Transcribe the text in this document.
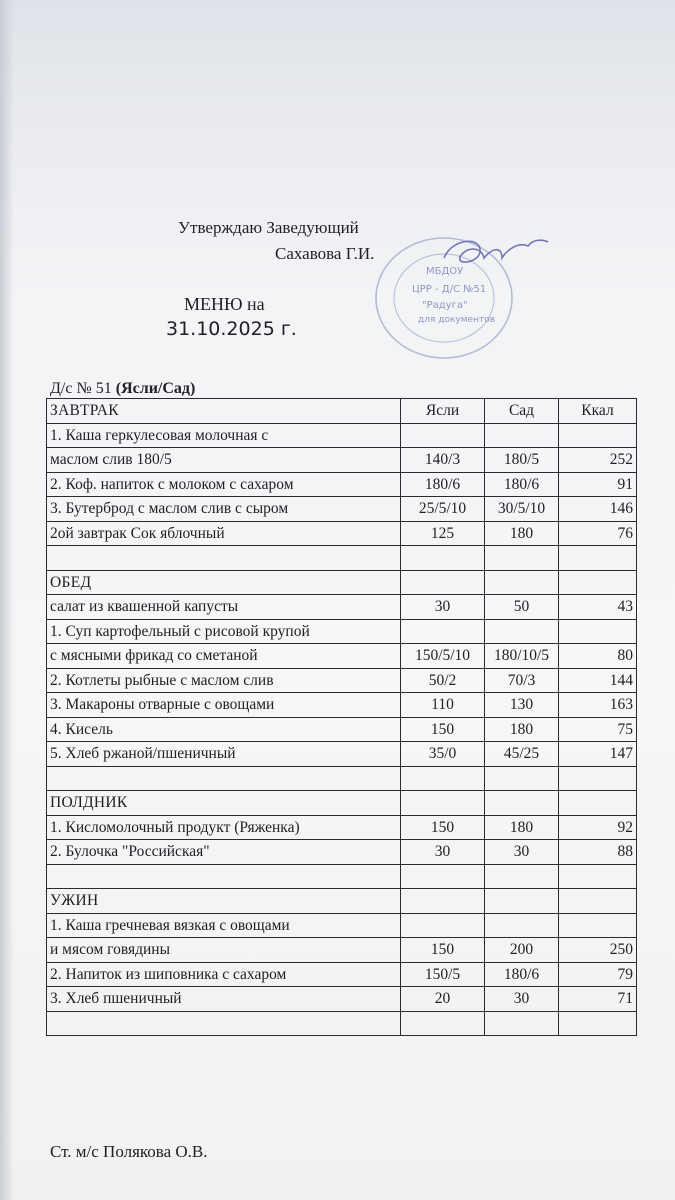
Утверждаю Заведующий
Сахавова Г.И.
МБДОУ
ЦРР - Д/С №51
"Радуга"
для документов
МЕНЮ на
31.10.2025 г.
Д/с № 51 (Ясли/Сад)
ЗАВТРАК	Ясли	Сад	Ккал
1. Каша геркулесовая молочная с			
маслом слив 180/5	140/3	180/5	252
2. Коф. напиток с молоком с сахаром	180/6	180/6	91
3. Бутерброд с маслом слив с сыром	25/5/10	30/5/10	146
2ой завтрак Сок яблочный	125	180	76

ОБЕД			
салат из квашенной капусты	30	50	43
1. Суп картофельный с рисовой крупой			
с мясными фрикад со сметаной	150/5/10	180/10/5	80
2. Котлеты рыбные с маслом слив	50/2	70/3	144
3. Макароны отварные с овощами	110	130	163
4. Кисель	150	180	75
5. Хлеб ржаной/пшеничный	35/0	45/25	147

ПОЛДНИК			
1. Кисломолочный продукт (Ряженка)	150	180	92
2. Булочка "Российская"	30	30	88

УЖИН			
1. Каша гречневая вязкая с овощами			
и мясом говядины	150	200	250
2. Напиток из шиповника с сахаром	150/5	180/6	79
3. Хлеб пшеничный	20	30	71

Ст. м/с Полякова О.В.
